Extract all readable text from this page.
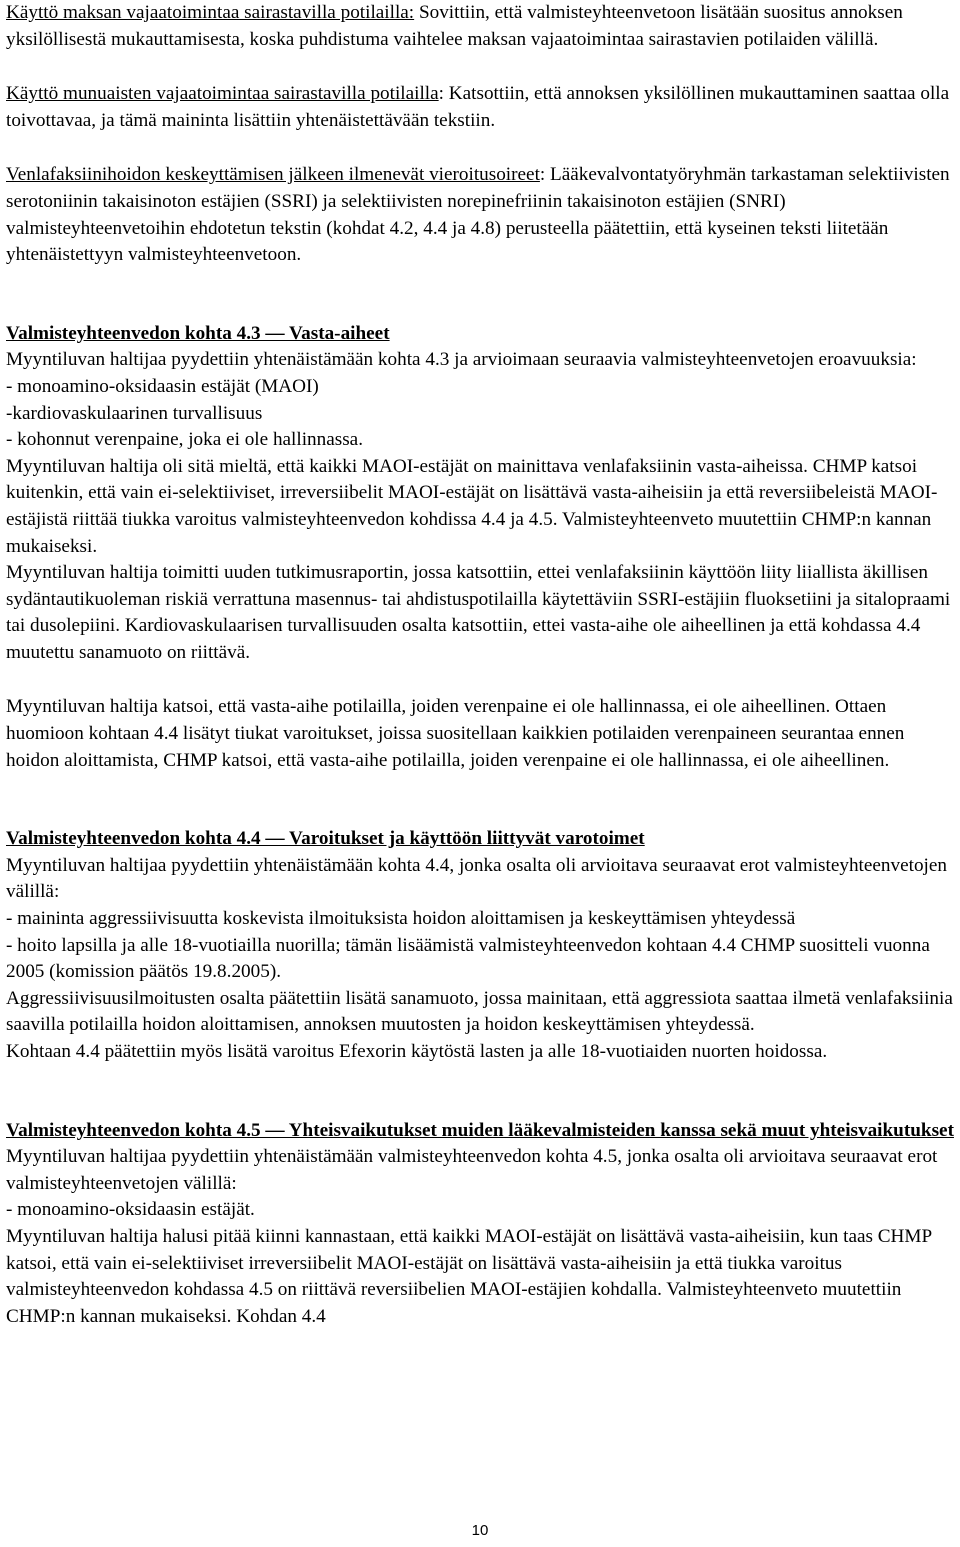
Käyttö maksan vajaatoimintaa sairastavilla potilailla: Sovittiin, että valmisteyhteenvetoon lisätään suositus annoksen yksilöllisestä mukauttamisesta, koska puhdistuma vaihtelee maksan vajaatoimintaa sairastavien potilaiden välillä.

Käyttö munuaisten vajaatoimintaa sairastavilla potilailla: Katsottiin, että annoksen yksilöllinen mukauttaminen saattaa olla toivottavaa, ja tämä maininta lisättiin yhtenäistettävään tekstiin.

Venlafaksiinihoidon keskeyttämisen jälkeen ilmenevät vieroitusoireet: Lääkevalvontatyöryhmän tarkastaman selektiivisten serotoniinin takaisinoton estäjien (SSRI) ja selektiivisten norepinefriinin takaisinoton estäjien (SNRI) valmisteyhteenvetoihin ehdotetun tekstin (kohdat 4.2, 4.4 ja 4.8) perusteella päätettiin, että kyseinen teksti liitetään yhtenäistettyyn valmisteyhteenvetoon.

Valmisteyhteenvedon kohta 4.3 — Vasta-aiheet

Myyntiluvan haltijaa pyydettiin yhtenäistämään kohta 4.3 ja arvioimaan seuraavia valmisteyhteenvetojen eroavuuksia:

- monoamino-oksidaasin estäjät (MAOI)

-kardiovaskulaarinen turvallisuus

- kohonnut verenpaine, joka ei ole hallinnassa.

Myyntiluvan haltija oli sitä mieltä, että kaikki MAOI-estäjät on mainittava venlafaksiinin vasta-aiheissa. CHMP katsoi kuitenkin, että vain ei-selektiiviset, irreversiibelit MAOI-estäjät on lisättävä vasta-aiheisiin ja että reversiibeleistä MAOI-estäjistä riittää tiukka varoitus valmisteyhteenvedon kohdissa 4.4 ja 4.5. Valmisteyhteenveto muutettiin CHMP:n kannan mukaiseksi.

Myyntiluvan haltija toimitti uuden tutkimusraportin, jossa katsottiin, ettei venlafaksiinin käyttöön liity liiallista äkillisen sydäntautikuoleman riskiä verrattuna masennus- tai ahdistuspotilailla käytettäviin SSRI-estäjiin fluoksetiini ja sitalopraami tai dusolepiini. Kardiovaskulaarisen turvallisuuden osalta katsottiin, ettei vasta-aihe ole aiheellinen ja että kohdassa 4.4 muutettu sanamuoto on riittävä.

Myyntiluvan haltija katsoi, että vasta-aihe potilailla, joiden verenpaine ei ole hallinnassa, ei ole aiheellinen. Ottaen huomioon kohtaan 4.4 lisätyt tiukat varoitukset, joissa suositellaan kaikkien potilaiden verenpaineen seurantaa ennen hoidon aloittamista, CHMP katsoi, että vasta-aihe potilailla, joiden verenpaine ei ole hallinnassa, ei ole aiheellinen.

Valmisteyhteenvedon kohta 4.4 — Varoitukset ja käyttöön liittyvät varotoimet

Myyntiluvan haltijaa pyydettiin yhtenäistämään kohta 4.4, jonka osalta oli arvioitava seuraavat erot valmisteyhteenvetojen välillä:

- maininta aggressiivisuutta koskevista ilmoituksista hoidon aloittamisen ja keskeyttämisen yhteydessä

- hoito lapsilla ja alle 18-vuotiailla nuorilla; tämän lisäämistä valmisteyhteenvedon kohtaan 4.4 CHMP suositteli vuonna 2005 (komission päätös 19.8.2005).

Aggressiivisuusilmoitusten osalta päätettiin lisätä sanamuoto, jossa mainitaan, että aggressiota saattaa ilmetä venlafaksiinia saavilla potilailla hoidon aloittamisen, annoksen muutosten ja hoidon keskeyttämisen yhteydessä.

Kohtaan 4.4 päätettiin myös lisätä varoitus Efexorin käytöstä lasten ja alle 18-vuotiaiden nuorten hoidossa.

Valmisteyhteenvedon kohta 4.5 — Yhteisvaikutukset muiden lääkevalmisteiden kanssa sekä muut yhteisvaikutukset

Myyntiluvan haltijaa pyydettiin yhtenäistämään valmisteyhteenvedon kohta 4.5, jonka osalta oli arvioitava seuraavat erot valmisteyhteenvetojen välillä:

- monoamino-oksidaasin estäjät.

Myyntiluvan haltija halusi pitää kiinni kannastaan, että kaikki MAOI-estäjät on lisättävä vasta-aiheisiin, kun taas CHMP katsoi, että vain ei-selektiiviset irreversiibelit MAOI-estäjät on lisättävä vasta-aiheisiin ja että tiukka varoitus valmisteyhteenvedon kohdassa 4.5 on riittävä reversiibelien MAOI-estäjien kohdalla. Valmisteyhteenveto muutettiin CHMP:n kannan mukaiseksi. Kohdan 4.4

10
